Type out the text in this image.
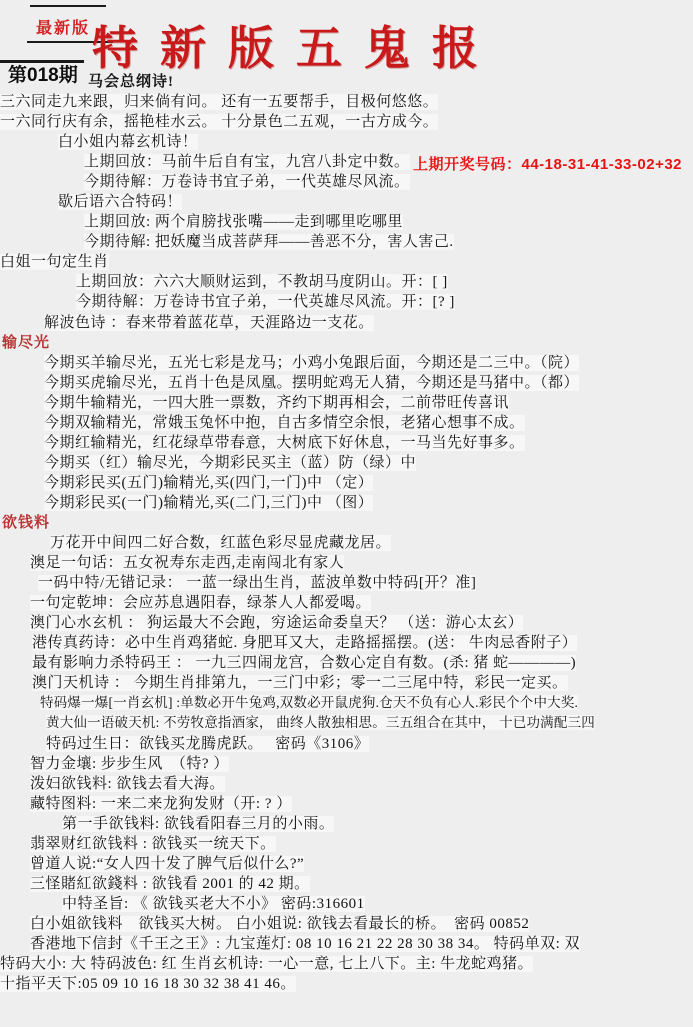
最新版 特新版五鬼报
第018期 马会总纲诗!
上期开奖号码：44-18-31-41-33-02+32
三六同走九来跟，归来倘有问。 还有一五要帮手，目极何悠悠。
一六同行庆有余，摇艳桂水云。 十分景色二五观，一古方成今。
白小姐内幕玄机诗！
上期回放：马前牛后自有宝，九宫八卦定中数。
今期待解：万卷诗书宜子弟，一代英雄尽风流。
歇后语六合特码！
上期回放: 两个肩膀找张嘴——走到哪里吃哪里
今期待解: 把妖魔当成菩萨拜——善恶不分，害人害己.
白姐一句定生肖
上期回放：六六大顺财运到，不教胡马度阴山。开：[ ]
今期待解：万卷诗书宜子弟，一代英雄尽风流。开：[? ]
解波色诗 ：春来带着蓝花草，天涯路边一支花。
输尽光
今期买羊输尽光，五光七彩是龙马；小鸡小兔跟后面，今期还是二三中。（院）
今期买虎输尽光，五肖十色是凤凰。摆明蛇鸡无人猜，今期还是马猪中。（都）
今期牛输精光，一四大胜一票数，齐约下期再相会，二前带旺传喜讯
今期双输精光，常娥玉兔怀中抱，自古多情空余恨，老猪心想事不成。
今期红输精光，红花绿草带春意，大树底下好休息，一马当先好事多。
今期买（红）输尽光，今期彩民买主（蓝）防（绿）中
今期彩民买(五门)输精光,买(四门,一门)中 （定）
今期彩民买(一门)输精光,买(二门,三门)中 （图）
欲钱料
万花开中间四二好合数，红蓝色彩尽显虎藏龙居。
澳足一句话：五女祝寿东走西,走南闯北有家人
一码中特/无错记录： 一蓝一绿出生肖，蓝波单数中特码[开？准]
一句定乾坤：会应苏息遇阳春，绿茶人人都爱喝。
澳门心水玄机 ： 狗运最大不会跑，穷途运命委皇天？ （送：游心太玄）
港传真药诗：必中生肖鸡猪蛇. 身肥耳又大，走路摇摇摆。(送： 牛肉忌香附子）
最有影响力杀特码王 ： 一九三四闹龙宫，合数心定自有数。(杀: 猪 蛇————)
澳门天机诗 ： 今期生肖排第九，一三门中彩；零一二三尾中特，彩民一定买。
特码爆一爆[一肖玄机] :单数必开牛兔鸡,双数必开鼠虎狗.仓天不负有心人.彩民个个中大奖.
黄大仙一语破天机: 不劳牧意指酒家， 曲终人散独相思。三五组合在其中， 十已功满配三四
特码过生日：欲钱买龙腾虎跃。　 密码《3106》
智力金壤: 步步生风　（特? ）
泼妇欲钱料: 欲钱去看大海。
藏特图料: 一来二来龙狗发财（开: ? ）
第一手欲钱料: 欲钱看阳春三月的小雨。
翡翠财红欲钱料 : 欲钱买一统天下。
曾道人说:“女人四十发了脾气后似什么?”
三怪賭紅欲錢料 : 欲钱看 2001 的 42 期。
中特圣旨: 《 欲钱买老大不小》 密码:316601
白小姐欲钱料　欲钱买大树。 白小姐说: 欲钱去看最长的桥。　密码 00852
香港地下信封《千王之王》: 九宝莲灯: 08 10 16 21 22 28 30 38 34。 特码单双: 双
特码大小: 大 特码波色: 红 生肖玄机诗: 一心一意, 七上八下。主: 牛龙蛇鸡猪。
十指平天下:05 09 10 16 18 30 32 38 41 46。
